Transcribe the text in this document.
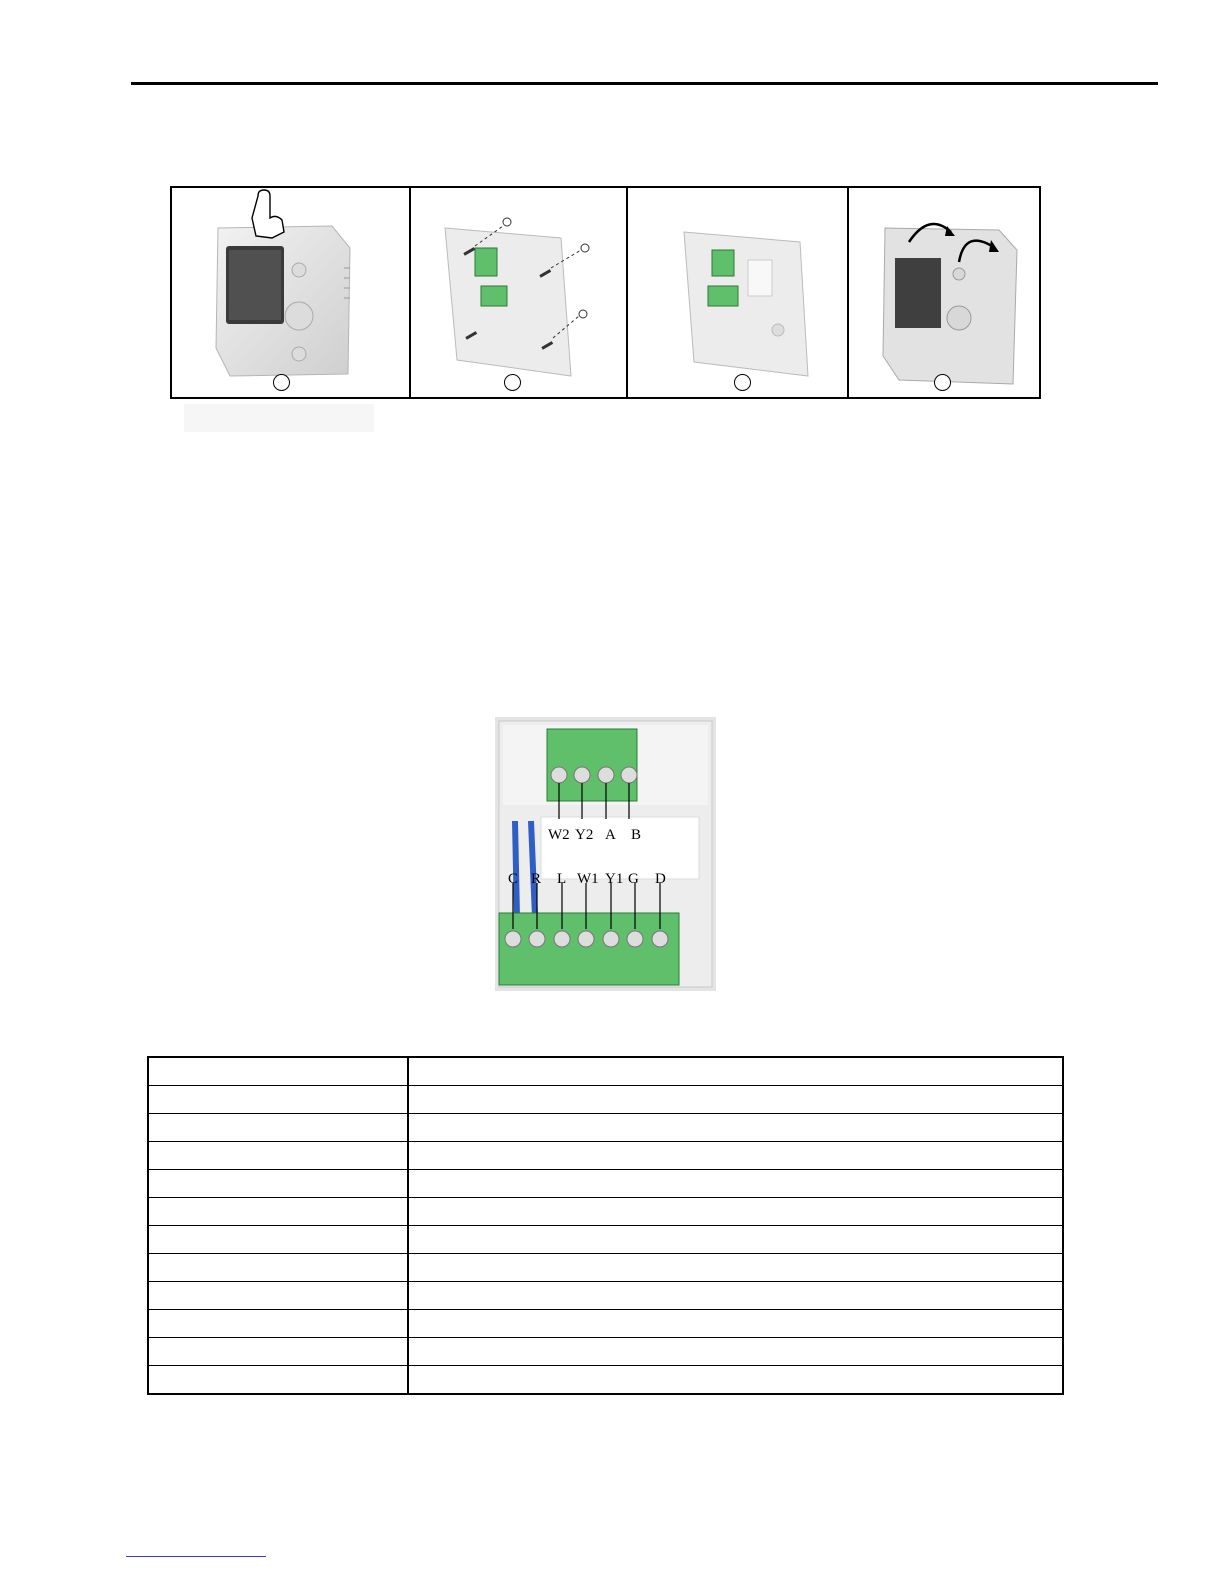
W2 Y2 A B
C R L W1 Y1 G D
